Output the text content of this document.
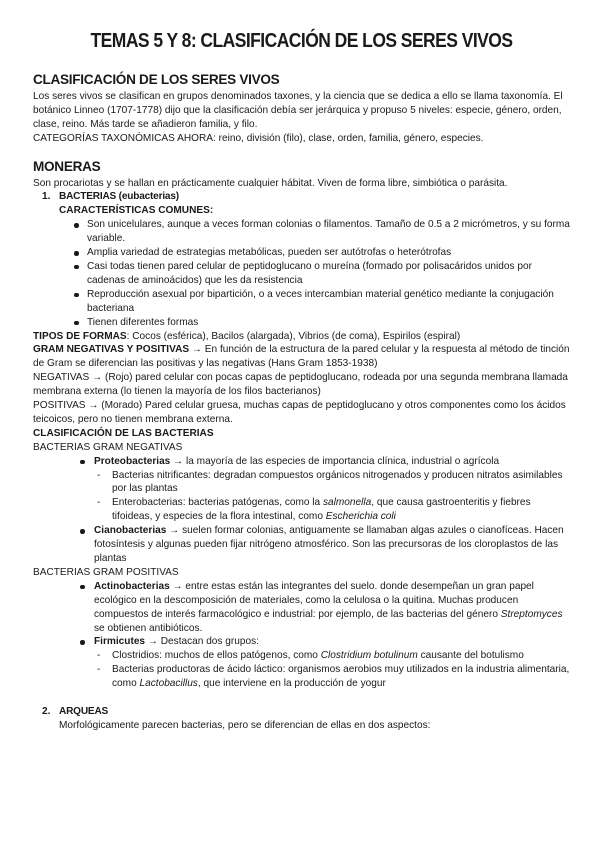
TEMAS 5 Y 8: CLASIFICACIÓN DE LOS SERES VIVOS
CLASIFICACIÓN DE LOS SERES VIVOS

Los seres vivos se clasifican en grupos denominados taxones, y la ciencia que se dedica a ello se llama taxonomía. El botánico Linneo (1707-1778) dijo que la clasificación debía ser jerárquica y propuso 5 niveles: especie, género, orden, clase, reino. Más tarde se añadieron familia, y filo.

CATEGORÍAS TAXONÓMICAS AHORA: reino, división (filo), clase, orden, familia, género, especies.

MONERAS

Son procariotas y se hallan en prácticamente cualquier hábitat. Viven de forma libre, simbiótica o parásita.

1. BACTERIAS (eubacterias)
CARACTERÍSTICAS COMUNES:
Son unicelulares, aunque a veces forman colonias o filamentos. Tamaño de 0.5 a 2 micrómetros, y su forma variable.
Amplia variedad de estrategias metabólicas, pueden ser autótrofas o heterótrofas
Casi todas tienen pared celular de peptidoglucano o mureína (formado por polisacáridos unidos por cadenas de aminoácidos) que les da resistencia
Reproducción asexual por bipartición, o a veces intercambian material genético mediante la conjugación bacteriana
Tienen diferentes formas

TIPOS DE FORMAS: Cocos (esférica), Bacilos (alargada), Vibrios (de coma), Espirilos (espiral)

GRAM NEGATIVAS Y POSITIVAS → En función de la estructura de la pared celular y la respuesta al método de tinción de Gram se diferencian las positivas y las negativas (Hans Gram 1853-1938)

NEGATIVAS → (Rojo) pared celular con pocas capas de peptidoglucano, rodeada por una segunda membrana llamada membrana externa (lo tienen la mayoría de los filos bacterianos)

POSITIVAS → (Morado) Pared celular gruesa, muchas capas de peptidoglucano y otros componentes como los ácidos teicoicos, pero no tienen membrana externa.

CLASIFICACIÓN DE LAS BACTERIAS

BACTERIAS GRAM NEGATIVAS

Proteobacterias → la mayoría de las especies de importancia clínica, industrial o agrícola
- Bacterias nitrificantes: degradan compuestos orgánicos nitrogenados y producen nitratos asimilables por las plantas
- Enterobacterias: bacterias patógenas, como la salmonella, que causa gastroenteritis y fiebres tifoideas, y especies de la flora intestinal, como Escherichia coli
Cianobacterias → suelen formar colonias, antiguamente se llamaban algas azules o cianofíceas. Hacen fotosíntesis y algunas pueden fijar nitrógeno atmosférico. Son las precursoras de los cloroplastos de las plantas

BACTERIAS GRAM POSITIVAS

Actinobacterias → entre estas están las integrantes del suelo. donde desempeñan un gran papel ecológico en la descomposición de materiales, como la celulosa o la quitina. Muchas producen compuestos de interés farmacológico e industrial: por ejemplo, de las bacterias del género Streptomyces se obtienen antibióticos.
Firmicutes → Destacan dos grupos:
- Clostridios: muchos de ellos patógenos, como Clostridium botulinum causante del botulismo
- Bacterias productoras de ácido láctico: organismos aerobios muy utilizados en la industria alimentaria, como Lactobacillus, que interviene en la producción de yogur
2. ARQUEAS

Morfológicamente parecen bacterias, pero se diferencian de ellas en dos aspectos:
